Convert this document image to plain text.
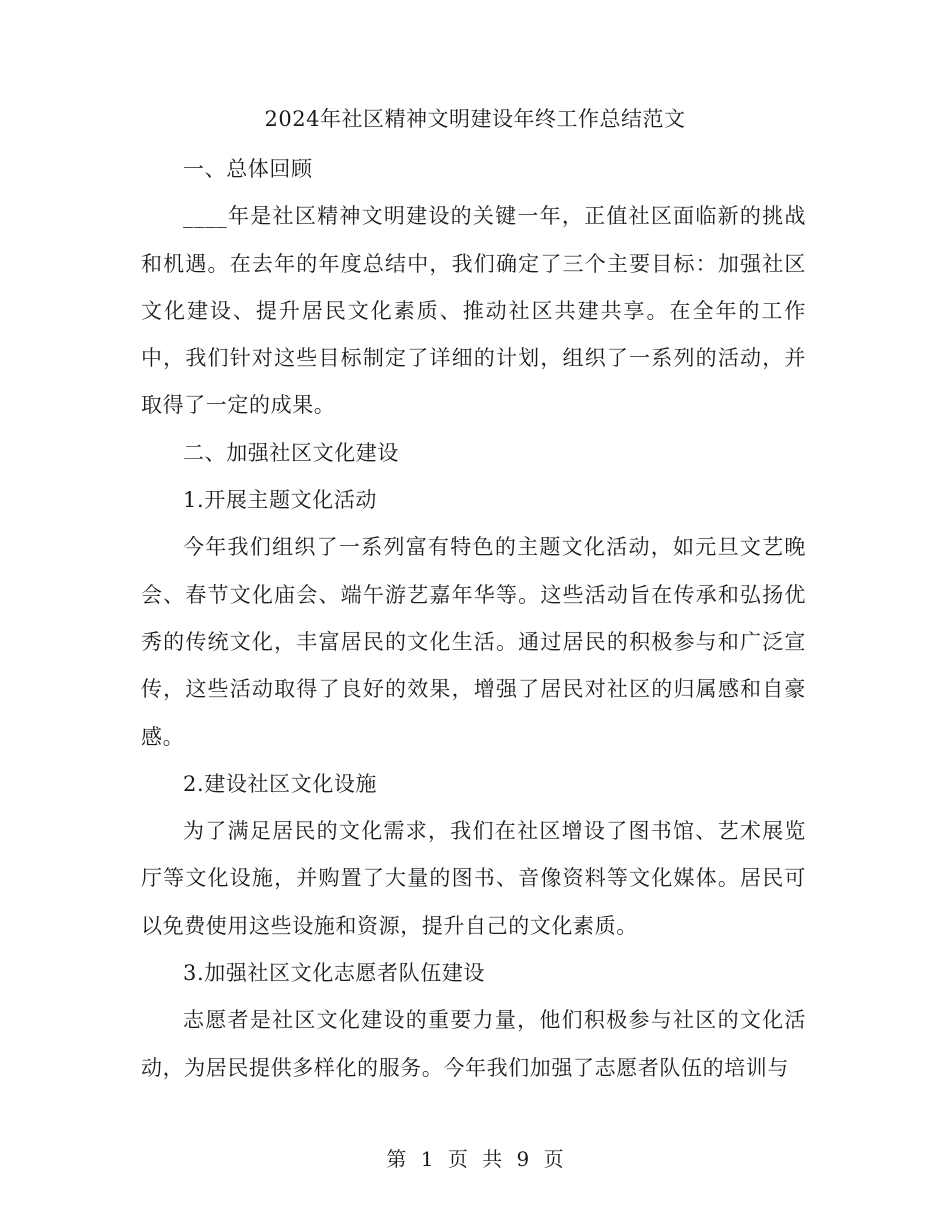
2024年社区精神文明建设年终工作总结范文

一、总体回顾

____年是社区精神文明建设的关键一年，正值社区面临新的挑战和机遇。在去年的年度总结中，我们确定了三个主要目标：加强社区文化建设、提升居民文化素质、推动社区共建共享。在全年的工作中，我们针对这些目标制定了详细的计划，组织了一系列的活动，并取得了一定的成果。

二、加强社区文化建设

1.开展主题文化活动

今年我们组织了一系列富有特色的主题文化活动，如元旦文艺晚会、春节文化庙会、端午游艺嘉年华等。这些活动旨在传承和弘扬优秀的传统文化，丰富居民的文化生活。通过居民的积极参与和广泛宣传，这些活动取得了良好的效果，增强了居民对社区的归属感和自豪感。

2.建设社区文化设施

为了满足居民的文化需求，我们在社区增设了图书馆、艺术展览厅等文化设施，并购置了大量的图书、音像资料等文化媒体。居民可以免费使用这些设施和资源，提升自己的文化素质。

3.加强社区文化志愿者队伍建设

志愿者是社区文化建设的重要力量，他们积极参与社区的文化活动，为居民提供多样化的服务。今年我们加强了志愿者队伍的培训与

第 1 页 共 9 页
